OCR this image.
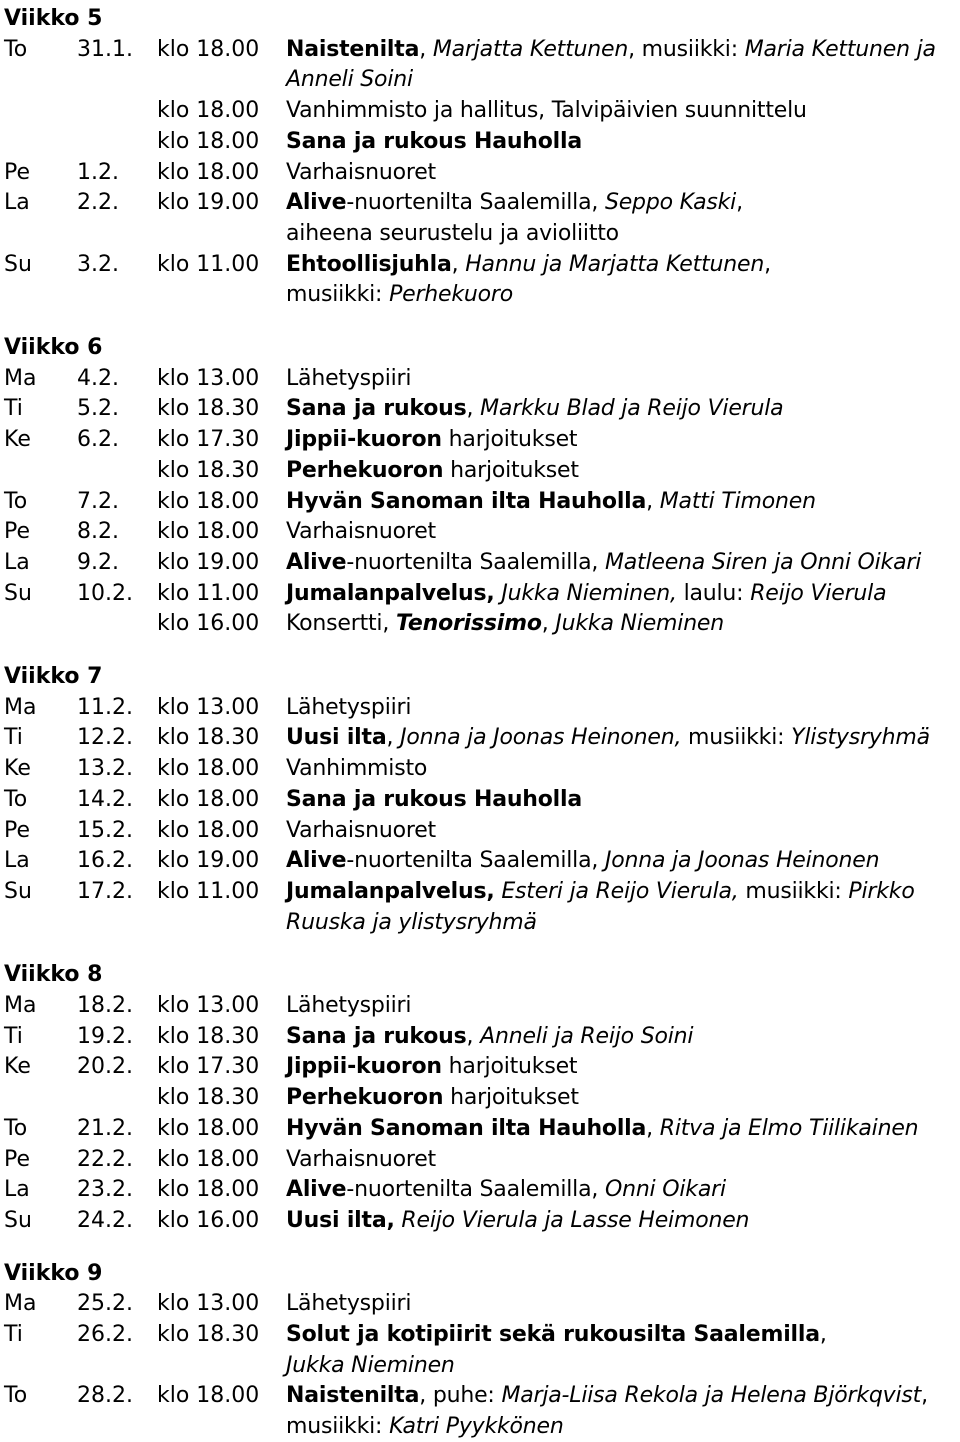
Viikko 5
To 31.1. klo 18.00 Naistenilta, Marjatta Kettunen, musiikki: Maria Kettunen ja
Anneli Soini
klo 18.00 Vanhimmisto ja hallitus, Talvipäivien suunnittelu
klo 18.00 Sana ja rukous Hauholla
Pe 1.2. klo 18.00 Varhaisnuoret
La 2.2. klo 19.00 Alive-nuortenilta Saalemilla, Seppo Kaski,
aiheena seurustelu ja avioliitto
Su 3.2. klo 11.00 Ehtoollisjuhla, Hannu ja Marjatta Kettunen,
musiikki: Perhekuoro
Viikko 6
Ma 4.2. klo 13.00 Lähetyspiiri
Ti 5.2. klo 18.30 Sana ja rukous, Markku Blad ja Reijo Vierula
Ke 6.2. klo 17.30 Jippii-kuoron harjoitukset
klo 18.30 Perhekuoron harjoitukset
To 7.2. klo 18.00 Hyvän Sanoman ilta Hauholla, Matti Timonen
Pe 8.2. klo 18.00 Varhaisnuoret
La 9.2. klo 19.00 Alive-nuortenilta Saalemilla, Matleena Siren ja Onni Oikari
Su 10.2. klo 11.00 Jumalanpalvelus, Jukka Nieminen, laulu: Reijo Vierula
klo 16.00 Konsertti, Tenorissimo, Jukka Nieminen
Viikko 7
Ma 11.2. klo 13.00 Lähetyspiiri
Ti 12.2. klo 18.30 Uusi ilta, Jonna ja Joonas Heinonen, musiikki: Ylistysryhmä
Ke 13.2. klo 18.00 Vanhimmisto
To 14.2. klo 18.00 Sana ja rukous Hauholla
Pe 15.2. klo 18.00 Varhaisnuoret
La 16.2. klo 19.00 Alive-nuortenilta Saalemilla, Jonna ja Joonas Heinonen
Su 17.2. klo 11.00 Jumalanpalvelus, Esteri ja Reijo Vierula, musiikki: Pirkko
Ruuska ja ylistysryhmä
Viikko 8
Ma 18.2. klo 13.00 Lähetyspiiri
Ti 19.2. klo 18.30 Sana ja rukous, Anneli ja Reijo Soini
Ke 20.2. klo 17.30 Jippii-kuoron harjoitukset
klo 18.30 Perhekuoron harjoitukset
To 21.2. klo 18.00 Hyvän Sanoman ilta Hauholla, Ritva ja Elmo Tiilikainen
Pe 22.2. klo 18.00 Varhaisnuoret
La 23.2. klo 18.00 Alive-nuortenilta Saalemilla, Onni Oikari
Su 24.2. klo 16.00 Uusi ilta, Reijo Vierula ja Lasse Heimonen
Viikko 9
Ma 25.2. klo 13.00 Lähetyspiiri
Ti 26.2. klo 18.30 Solut ja kotipiirit sekä rukousilta Saalemilla,
Jukka Nieminen
To 28.2. klo 18.00 Naistenilta, puhe: Marja-Liisa Rekola ja Helena Björkqvist,
musiikki: Katri Pyykkönen
